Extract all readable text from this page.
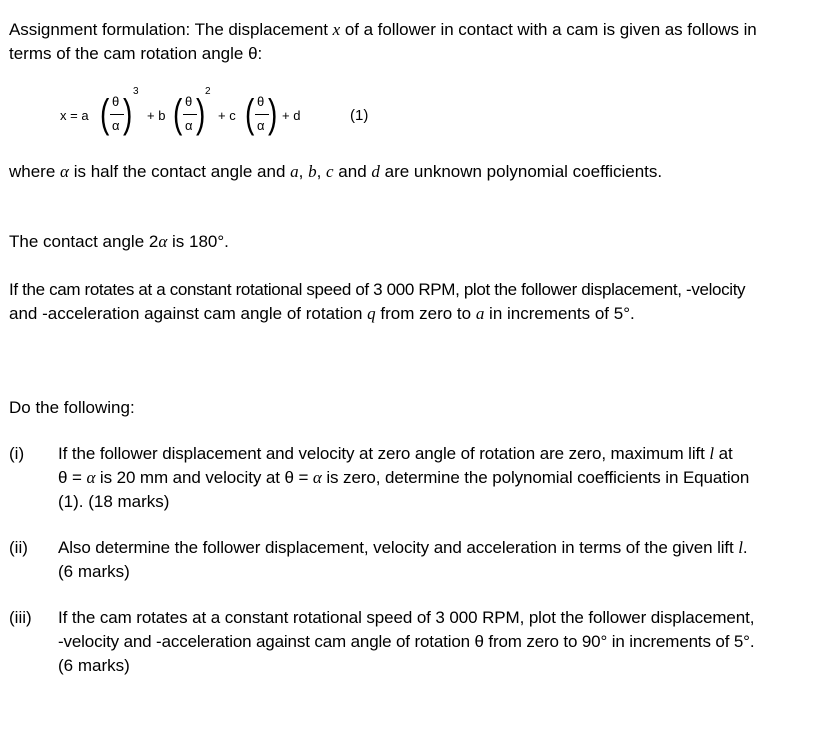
Assignment formulation: The displacement x of a follower in contact with a cam is given as follows in
terms of the cam rotation angle θ:
x = a ( θ
α )
3
+ b ( θ
α )
2
+ c ( θ
α ) + d	(1)
where α is half the contact angle and a, b, c and d are unknown polynomial coefficients.
The contact angle 2α is 180°.
If the cam rotates at a constant rotational speed of 3 000 RPM, plot the follower displacement, -velocity
and -acceleration against cam angle of rotation q from zero to a in increments of 5°.
Do the following:
(i) If the follower displacement and velocity at zero angle of rotation are zero, maximum lift l at
θ = α is 20 mm and velocity at θ = α is zero, determine the polynomial coefficients in Equation
(1). (18 marks)
(ii) Also determine the follower displacement, velocity and acceleration in terms of the given lift l.
(6 marks)
(iii) If the cam rotates at a constant rotational speed of 3 000 RPM, plot the follower displacement,
-velocity and -acceleration against cam angle of rotation θ from zero to 90° in increments of 5°.
(6 marks)
